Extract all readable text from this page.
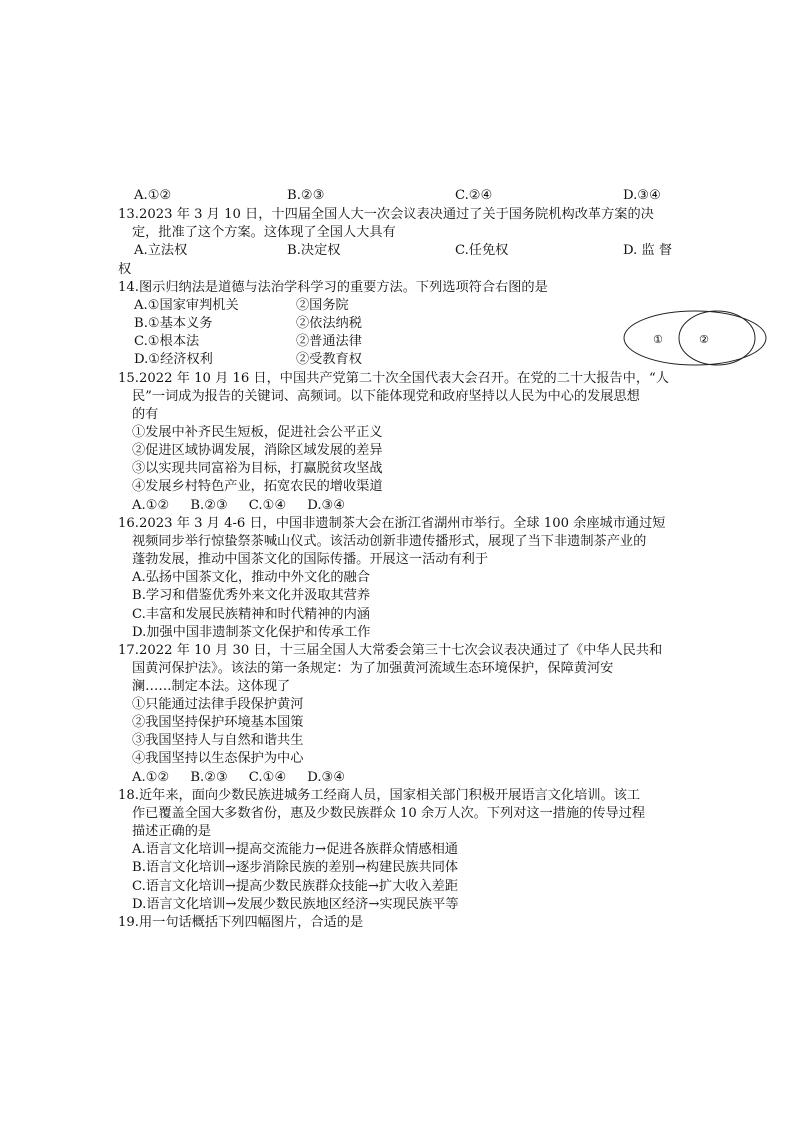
A.①②	B.②③	C.②④	D.③④
13.2023 年 3 月 10 日，十四届全国人大一次会议表决通过了关于国务院机构改革方案的决
定，批准了这个方案。这体现了全国人大具有
A.立法权	B.决定权	C.任免权	D. 监 督
权
14.图示归纳法是道德与法治学科学习的重要方法。下列选项符合右图的是
A.①国家审判机关	②国务院
B.①基本义务	②依法纳税
C.①根本法	②普通法律
D.①经济权利	②受教育权
①	②
15.2022 年 10 月 16 日，中国共产党第二十次全国代表大会召开。在党的二十大报告中，“人
民”一词成为报告的关键词、高频词。以下能体现党和政府坚持以人民为中心的发展思想
的有
①发展中补齐民生短板，促进社会公平正义
②促进区域协调发展，消除区域发展的差异
③以实现共同富裕为目标，打赢脱贫攻坚战
④发展乡村特色产业，拓宽农民的增收渠道
A.①②     B.②③     C.①④     D.③④
16.2023 年 3 月 4-6 日，中国非遗制茶大会在浙江省湖州市举行。全球 100 余座城市通过短
视频同步举行惊蛰祭茶喊山仪式。该活动创新非遗传播形式，展现了当下非遗制茶产业的
蓬勃发展，推动中国茶文化的国际传播。开展这一活动有利于
A.弘扬中国茶文化，推动中外文化的融合
B.学习和借鉴优秀外来文化并汲取其营养
C.丰富和发展民族精神和时代精神的内涵
D.加强中国非遗制茶文化保护和传承工作
17.2022 年 10 月 30 日，十三届全国人大常委会第三十七次会议表决通过了《中华人民共和
国黄河保护法》。该法的第一条规定：为了加强黄河流域生态环境保护，保障黄河安
澜……制定本法。这体现了
①只能通过法律手段保护黄河
②我国坚持保护环境基本国策
③我国坚持人与自然和谐共生
④我国坚持以生态保护为中心
A.①②     B.②③     C.①④     D.③④
18.近年来，面向少数民族进城务工经商人员，国家相关部门积极开展语言文化培训。该工
作已覆盖全国大多数省份，惠及少数民族群众 10 余万人次。下列对这一措施的传导过程
描述正确的是
A.语言文化培训→提高交流能力→促进各族群众情感相通
B.语言文化培训→逐步消除民族的差别→构建民族共同体
C.语言文化培训→提高少数民族群众技能→扩大收入差距
D.语言文化培训→发展少数民族地区经济→实现民族平等
19.用一句话概括下列四幅图片，合适的是
